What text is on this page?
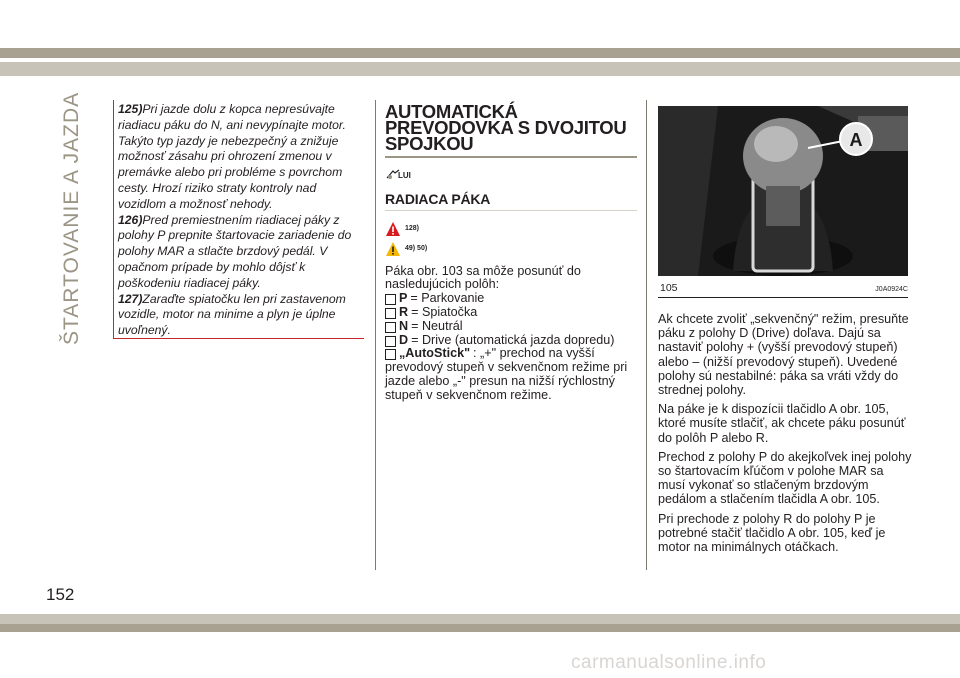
ŠTARTOVANIE A JAZDA	125)Pri jazde dolu z kopca nepresúvajte riadiacu páku do N, ani nevypínajte motor. Takýto typ jazdy je nebezpečný a znižuje možnosť zásahu pri ohrození zmenou v premávke alebo pri probléme s povrchom cesty. Hrozí riziko straty kontroly nad vozidlom a možnosť nehody.
126)Pred premiestnením riadiacej páky z polohy P prepnite štartovacie zariadenie do polohy MAR a stlačte brzdový pedál. V opačnom prípade by mohlo dôjsť k poškodeniu riadiacej páky.
127)Zaraďte spiatočku len pri zastavenom vozidle, motor na minime a plyn je úplne uvoľnený.
AUTOMATICKÁ PREVODOVKA S DVOJITOU SPOJKOU
LUI
RADIACA PÁKA
128)
49) 50)
Páka obr. 103 sa môže posunúť do nasledujúcich polôh:
P = Parkovanie
R = Spiatočka
N = Neutrál
D = Drive (automatická jazda dopredu)
„AutoStick" : „+" prechod na vyšší

prevodový stupeň v sekvenčnom režime pri jazde alebo „-" presun na nižší rýchlostný stupeň v sekvenčnom režime.

A
105	J0A0924C

Ak chcete zvoliť „sekvenčný" režim, presuňte páku z polohy D (Drive) doľava. Dajú sa nastaviť polohy + (vyšší prevodový stupeň) alebo – (nižší prevodový stupeň). Uvedené polohy sú nestabilné: páka sa vráti vždy do strednej polohy.

Na páke je k dispozícii tlačidlo A obr. 105, ktoré musíte stlačiť, ak chcete páku posunúť do polôh P alebo R.

Prechod z polohy P do akejkoľvek inej polohy so štartovacím kľúčom v polohe MAR sa musí vykonať so stlačeným brzdovým pedálom a stlačením tlačidla A obr. 105.

Pri prechode z polohy R do polohy P je potrebné stačiť tlačidlo A obr. 105, keď je motor na minimálnych otáčkach.

152
carmanualsonline.info
